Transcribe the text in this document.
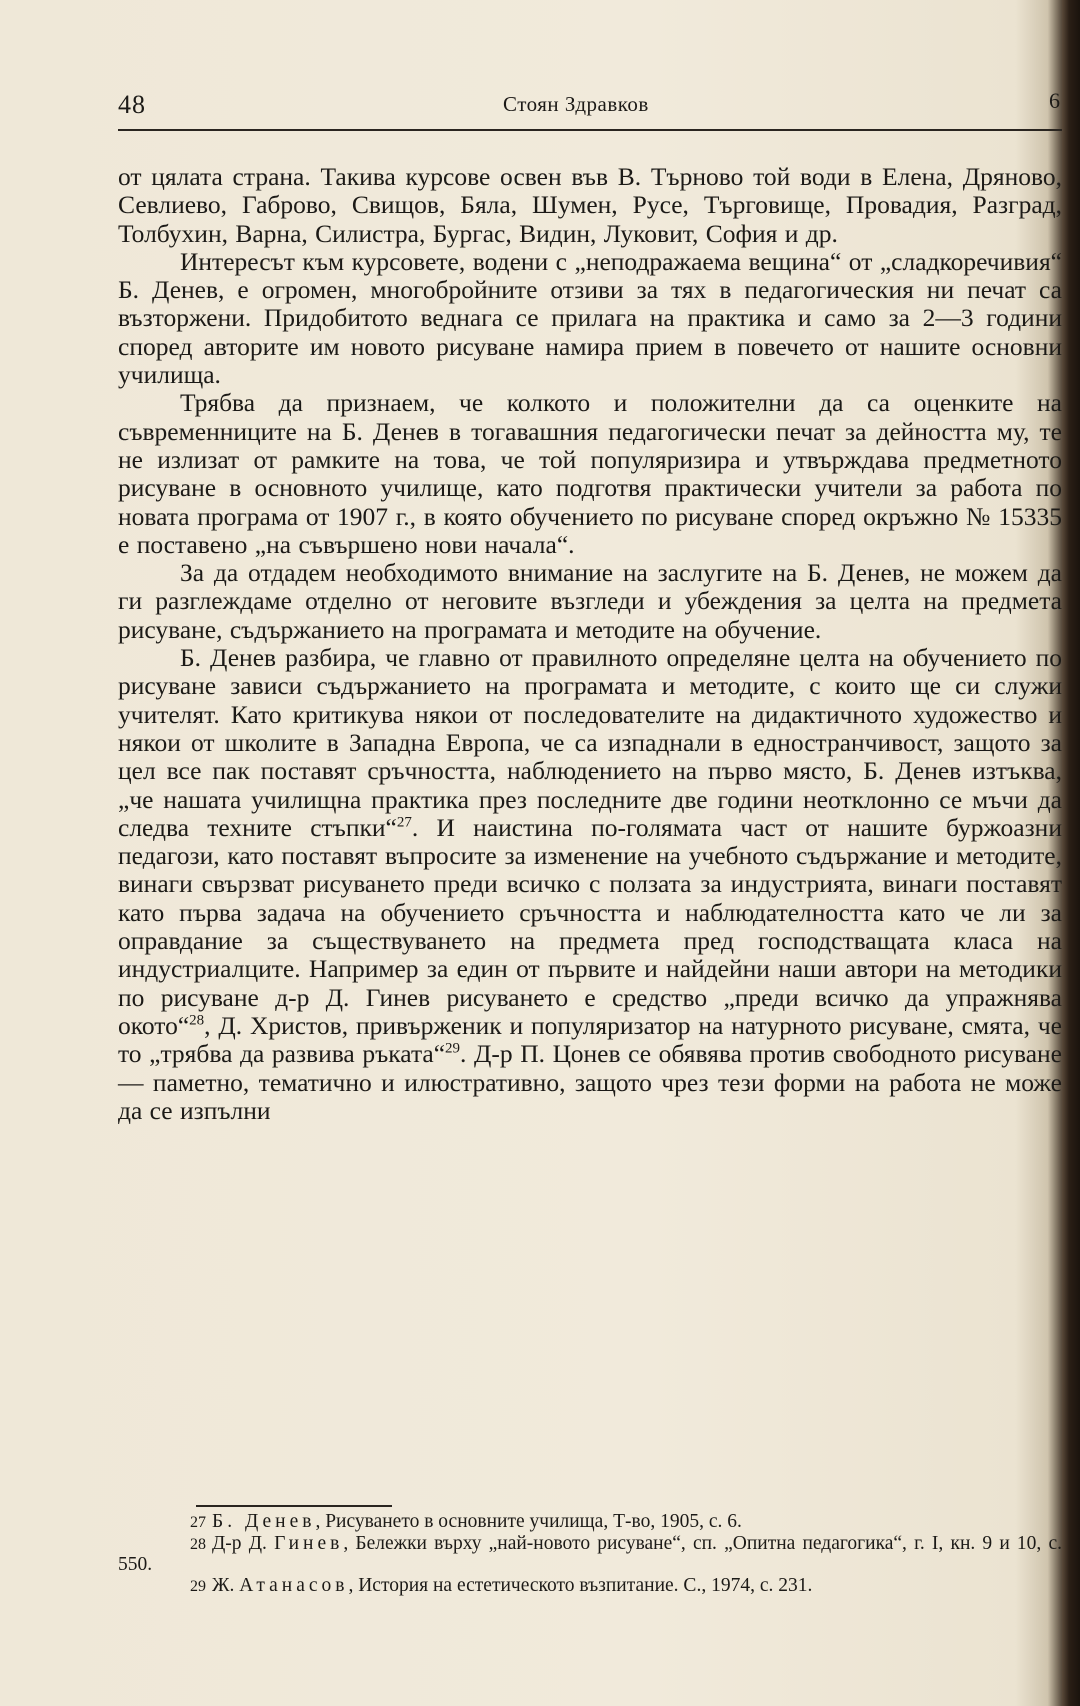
48	Стоян Здравков	6

от цялата страна. Такива курсове освен във В. Търново той води в Елена, Дряново, Севлиево, Габрово, Свищов, Бяла, Шумен, Русе, Търговище, Провадия, Разград, Толбухин, Варна, Силистра, Бургас, Видин, Луковит, София и др.

Интересът към курсовете, водени с „неподражаема вещина“ от „сладкоречивия“ Б. Денев, е огромен, многобройните отзиви за тях в педагогическия ни печат са възторжени. Придобитото веднага се прилага на практика и само за 2—3 години според авторите им новото рисуване намира прием в повечето от нашите основни училища.

Трябва да признаем, че колкото и положителни да са оценките на съвременниците на Б. Денев в тогавашния педагогически печат за дейността му, те не излизат от рамките на това, че той популяризира и утвърждава предметното рисуване в основното училище, като подготвя практически учители за работа по новата програма от 1907 г., в която обучението по рисуване според окръжно № 15335 е поставено „на съвършено нови начала“.

За да отдадем необходимото внимание на заслугите на Б. Денев, не можем да ги разглеждаме отделно от неговите възгледи и убеждения за целта на предмета рисуване, съдържанието на програмата и методите на обучение.

Б. Денев разбира, че главно от правилното определяне целта на обучението по рисуване зависи съдържанието на програмата и методите, с които ще си служи учителят. Като критикува някои от последователите на дидактичното художество и някои от школите в Западна Европа, че са изпаднали в едностранчивост, защото за цел все пак поставят сръчността, наблюдението на първо място, Б. Денев изтъква, „че нашата училищна практика през последните две години неотклонно се мъчи да следва техните стъпки“$^{27}$. И наистина по-голямата част от нашите буржоазни педагози, като поставят въпросите за изменение на учебното съдържание и методите, винаги свързват рисуването преди всичко с ползата за индустрията, винаги поставят като първа задача на обучението сръчността и наблюдателността като че ли за оправдание за съществуването на предмета пред господстващата класа на индустриалците. Например за един от първите и найдейни наши автори на методики по рисуване д-р Д. Гинев рисуването е средство „преди всичко да упражнява окото“$^{28}$, Д. Христов, привърженик и популяризатор на натурното рисуване, смята, че то „трябва да развива ръката“$^{29}$. Д-р П. Цонев се обявява против свободното рисуване — паметно, тематично и илюстративно, защото чрез тези форми на работа не може да се изпълни

27 Б. Денев, Рисуването в основните училища, Т-во, 1905, с. 6.

28 Д-р Д. Гинев, Бележки върху „най-новото рисуване“, сп. „Опитна педагогика“, г. I, кн. 9 и 10, с. 550.

29 Ж. Атанасов, История на естетическото възпитание. С., 1974, с. 231.
